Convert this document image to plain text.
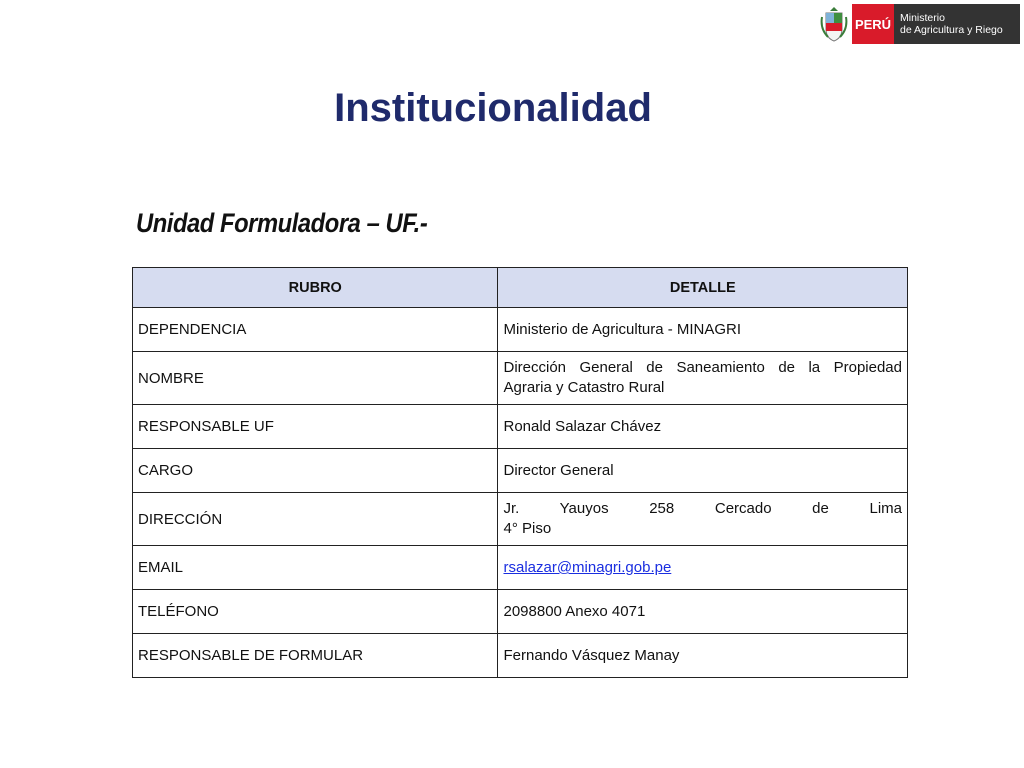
PERÚ Ministerio
de Agricultura y Riego
Institucionalidad
Unidad Formuladora – UF.-
RUBRO	DETALLE
DEPENDENCIA	Ministerio de Agricultura - MINAGRI
NOMBRE	Dirección General de Saneamiento de la Propiedad
Agraria y Catastro Rural
RESPONSABLE UF	Ronald Salazar Chávez
CARGO	Director General
DIRECCIÓN	Jr. Yauyos 258 Cercado de Lima
4° Piso
EMAIL	rsalazar@minagri.gob.pe
TELÉFONO	2098800 Anexo 4071
RESPONSABLE DE FORMULAR	Fernando Vásquez Manay
